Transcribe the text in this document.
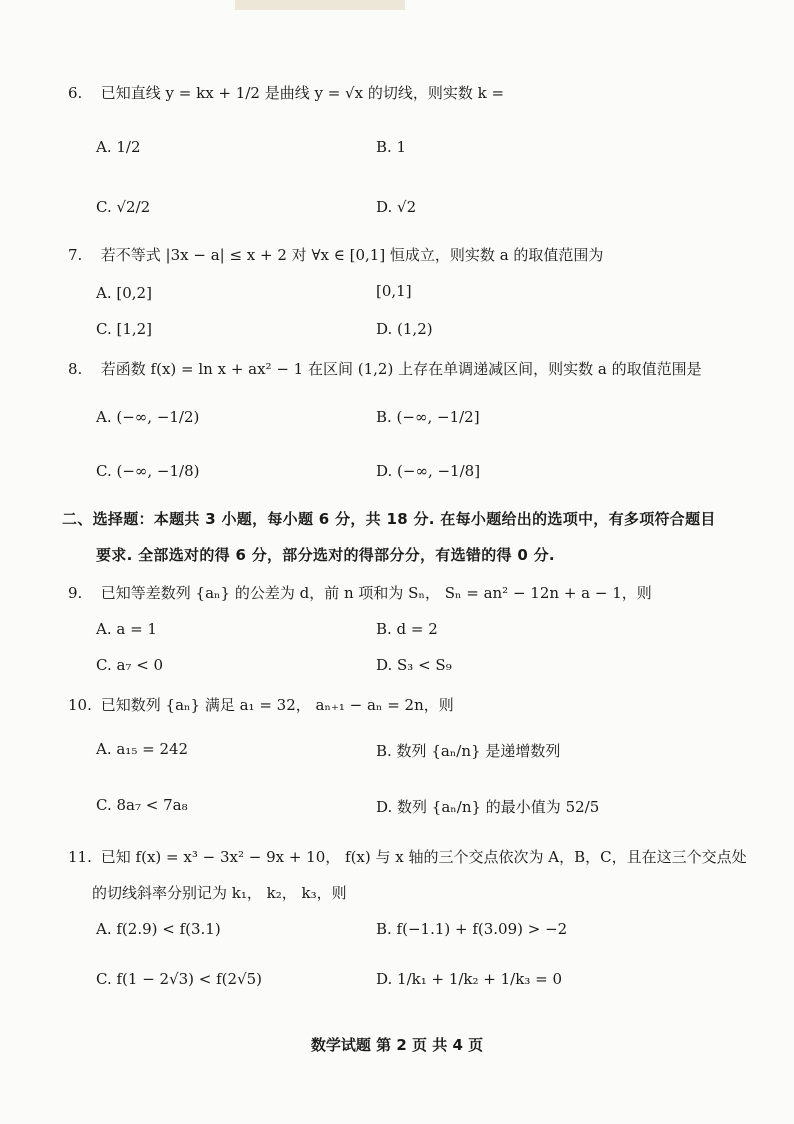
6. 已知直线 y = kx + 1/2 是曲线 y = √x 的切线，则实数 k =
A. 1/2	B. 1
C. √2/2	D. √2
7. 若不等式 |3x − a| ≤ x + 2 对 ∀x ∈ [0,1] 恒成立，则实数 a 的取值范围为
A. [0,2]	[0,1]
C. [1,2]	D. (1,2)
8. 若函数 f(x) = ln x + ax² − 1 在区间 (1,2) 上存在单调递减区间，则实数 a 的取值范围是
A. (−∞, −1/2)	B. (−∞, −1/2]
C. (−∞, −1/8)	D. (−∞, −1/8]
二、选择题：本题共 3 小题，每小题 6 分，共 18 分. 在每小题给出的选项中，有多项符合题目
要求. 全部选对的得 6 分，部分选对的得部分分，有选错的得 0 分.
9. 已知等差数列 {aₙ} 的公差为 d，前 n 项和为 Sₙ， Sₙ = an² − 12n + a − 1，则
A. a = 1	B. d = 2
C. a₇ < 0	D. S₃ < S₉
10. 已知数列 {aₙ} 满足 a₁ = 32， aₙ₊₁ − aₙ = 2n，则
A. a₁₅ = 242	B. 数列 {aₙ/n} 是递增数列
C. 8a₇ < 7a₈	D. 数列 {aₙ/n} 的最小值为 52/5
11. 已知 f(x) = x³ − 3x² − 9x + 10， f(x) 与 x 轴的三个交点依次为 A，B，C，且在这三个交点处
的切线斜率分别记为 k₁， k₂， k₃，则
A. f(2.9) < f(3.1)	B. f(−1.1) + f(3.09) > −2
C. f(1 − 2√3) < f(2√5)	D. 1/k₁ + 1/k₂ + 1/k₃ = 0
数学试题 第 2 页 共 4 页
